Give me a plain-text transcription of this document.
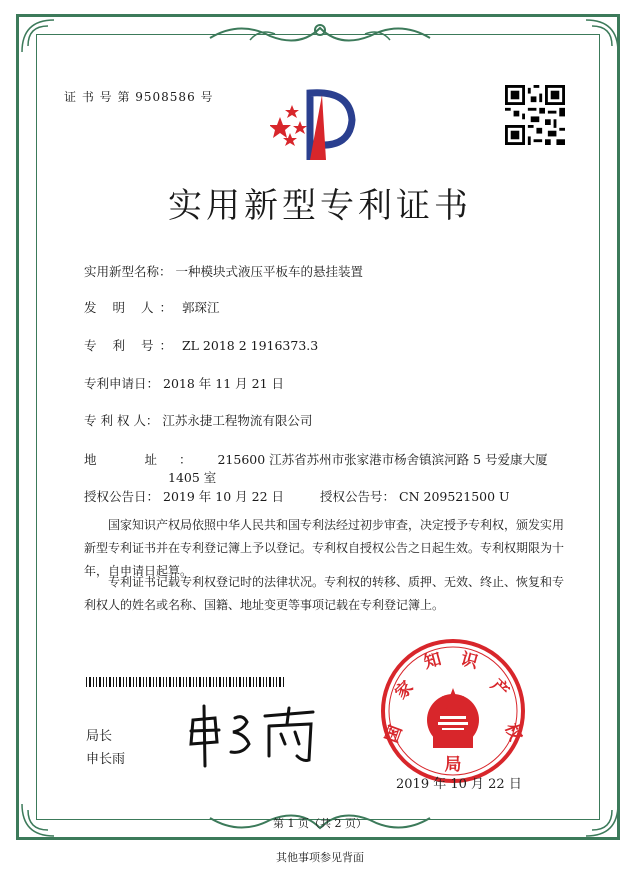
证 书 号 第 9508586 号
实用新型专利证书
实用新型名称： 一种模块式液压平板车的悬挂装置
发 明 人： 郭琛江
专 利 号： ZL 2018 2 1916373.3
专利申请日： 2018 年 11 月 21 日
专 利 权 人： 江苏永捷工程物流有限公司
地 址： 215600 江苏省苏州市张家港市杨舍镇滨河路 5 号爱康大厦
1405 室
授权公告日： 2019 年 10 月 22 日	授权公告号： CN 209521500 U
国家知识产权局依照中华人民共和国专利法经过初步审查，决定授予专利权，颁发实用新型专利证书并在专利登记簿上予以登记。专利权自授权公告之日起生效。专利权期限为十年，自申请日起算。
专利证书记载专利权登记时的法律状况。专利权的转移、质押、无效、终止、恢复和专利权人的姓名或名称、国籍、地址变更等事项记载在专利登记簿上。
局长
申长雨
国
家
知 识
产
权
局
2019 年 10 月 22 日
第 1 页（共 2 页）
其他事项参见背面
